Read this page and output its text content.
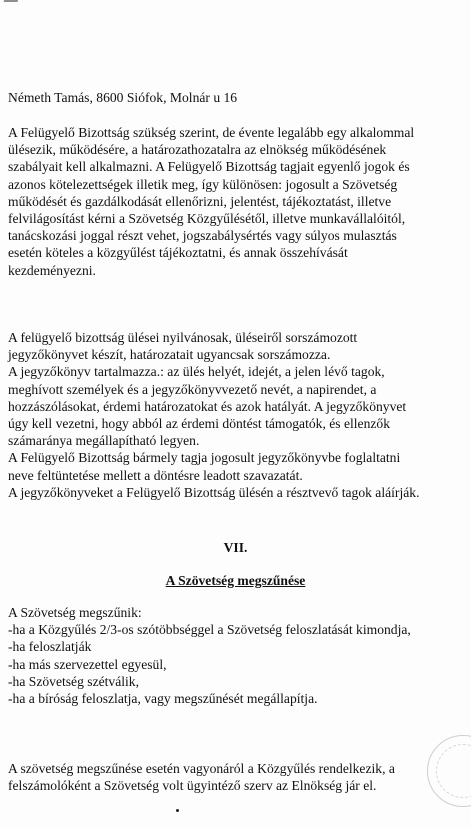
Németh Tamás, 8600 Siófok, Molnár u 16

A Felügyelő Bizottság szükség szerint, de évente legalább egy alkalommal

ülésezik, működésére, a határozathozatalra az elnökség működésének

szabályait kell alkalmazni. A Felügyelő Bizottság tagjait egyenlő jogok és

azonos kötelezettségek illetik meg, így különösen: jogosult a Szövetség

működését és gazdálkodását ellenőrizni, jelentést, tájékoztatást, illetve

felvilágosítást kérni a Szövetség Közgyűlésétől, illetve munkavállalóitól,

tanácskozási joggal részt vehet, jogszabálysértés vagy súlyos mulasztás

esetén köteles a közgyűlést tájékoztatni, és annak összehívását

kezdeményezni.

A felügyelő bizottság ülései nyilvánosak, üléseiről sorszámozott

jegyzőkönyvet készít, határozatait ugyancsak sorszámozza.

A jegyzőkönyv tartalmazza.: az ülés helyét, idejét, a jelen lévő tagok,

meghívott személyek és a jegyzőkönyvvezető nevét, a napirendet, a

hozzászólásokat, érdemi határozatokat és azok hatályát. A jegyzőkönyvet

úgy kell vezetni, hogy abból az érdemi döntést támogatók, és ellenzők

számaránya megállapítható legyen.

A Felügyelő Bizottság bármely tagja jogosult jegyzőkönyvbe foglaltatni

neve feltüntetése mellett a döntésre leadott szavazatát.

A jegyzőkönyveket a Felügyelő Bizottság ülésén a résztvevő tagok aláírják.

VII.
A Szövetség megszűnése
A Szövetség megszűnik:
-ha a Közgyűlés 2/3-os szótöbbséggel a Szövetség feloszlatását kimondja,
-ha feloszlatják
-ha más szervezettel egyesül,
-ha Szövetség szétválik,
-ha a bíróság feloszlatja, vagy megszűnését megállapítja.

A szövetség megszűnése esetén vagyonáról a Közgyűlés rendelkezik, a

felszámolóként a Szövetség volt ügyintéző szerv az Elnökség jár el.
